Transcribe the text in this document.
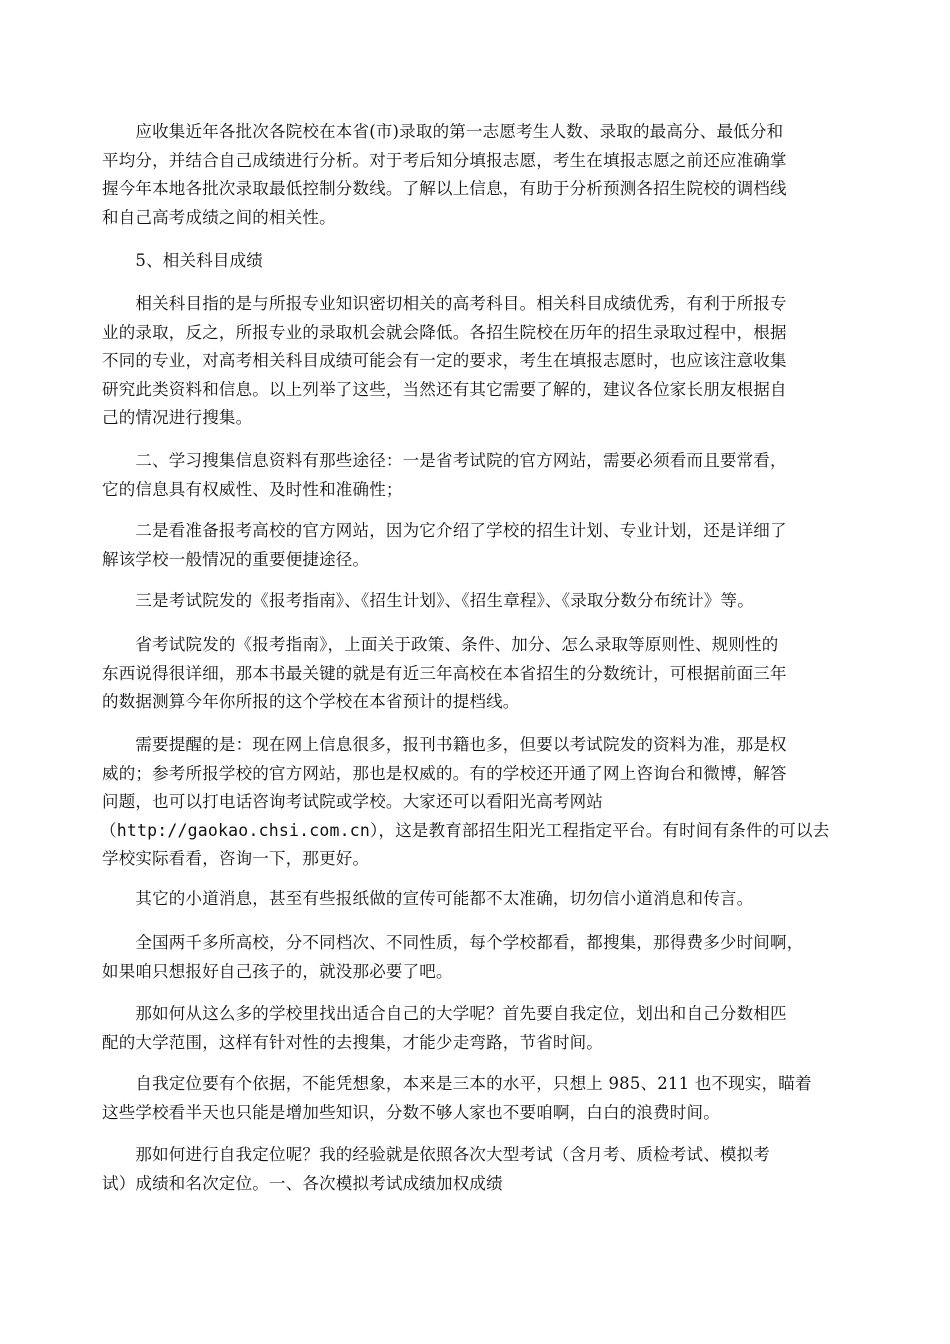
　　应收集近年各批次各院校在本省(市)录取的第一志愿考生人数、录取的最高分、最低分和
平均分，并结合自己成绩进行分析。对于考后知分填报志愿，考生在填报志愿之前还应准确掌
握今年本地各批次录取最低控制分数线。了解以上信息，有助于分析预测各招生院校的调档线
和自己高考成绩之间的相关性。

　　5、相关科目成绩

　　相关科目指的是与所报专业知识密切相关的高考科目。相关科目成绩优秀，有利于所报专
业的录取，反之，所报专业的录取机会就会降低。各招生院校在历年的招生录取过程中，根据
不同的专业，对高考相关科目成绩可能会有一定的要求，考生在填报志愿时，也应该注意收集
研究此类资料和信息。以上列举了这些，当然还有其它需要了解的，建议各位家长朋友根据自
己的情况进行搜集。

　　二、学习搜集信息资料有那些途径：一是省考试院的官方网站，需要必须看而且要常看，
它的信息具有权威性、及时性和准确性；

　　二是看准备报考高校的官方网站，因为它介绍了学校的招生计划、专业计划，还是详细了
解该学校一般情况的重要便捷途径。

　　三是考试院发的《报考指南》、《招生计划》、《招生章程》、《录取分数分布统计》等。

　　省考试院发的《报考指南》，上面关于政策、条件、加分、怎么录取等原则性、规则性的
东西说得很详细，那本书最关键的就是有近三年高校在本省招生的分数统计，可根据前面三年
的数据测算今年你所报的这个学校在本省预计的提档线。

　　需要提醒的是：现在网上信息很多，报刊书籍也多，但要以考试院发的资料为准，那是权
威的；参考所报学校的官方网站，那也是权威的。有的学校还开通了网上咨询台和微博，解答
问题，也可以打电话咨询考试院或学校。大家还可以看阳光高考网站
（http://gaokao.chsi.com.cn），这是教育部招生阳光工程指定平台。有时间有条件的可以去
学校实际看看，咨询一下，那更好。

　　其它的小道消息，甚至有些报纸做的宣传可能都不太准确，切勿信小道消息和传言。

　　全国两千多所高校，分不同档次、不同性质，每个学校都看，都搜集，那得费多少时间啊，
如果咱只想报好自己孩子的，就没那必要了吧。

　　那如何从这么多的学校里找出适合自己的大学呢？首先要自我定位，划出和自己分数相匹
配的大学范围，这样有针对性的去搜集，才能少走弯路，节省时间。

　　自我定位要有个依据，不能凭想象，本来是三本的水平，只想上 985、211 也不现实，瞄着
这些学校看半天也只能是增加些知识，分数不够人家也不要咱啊，白白的浪费时间。

　　那如何进行自我定位呢？我的经验就是依照各次大型考试（含月考、质检考试、模拟考
试）成绩和名次定位。一、各次模拟考试成绩加权成绩
